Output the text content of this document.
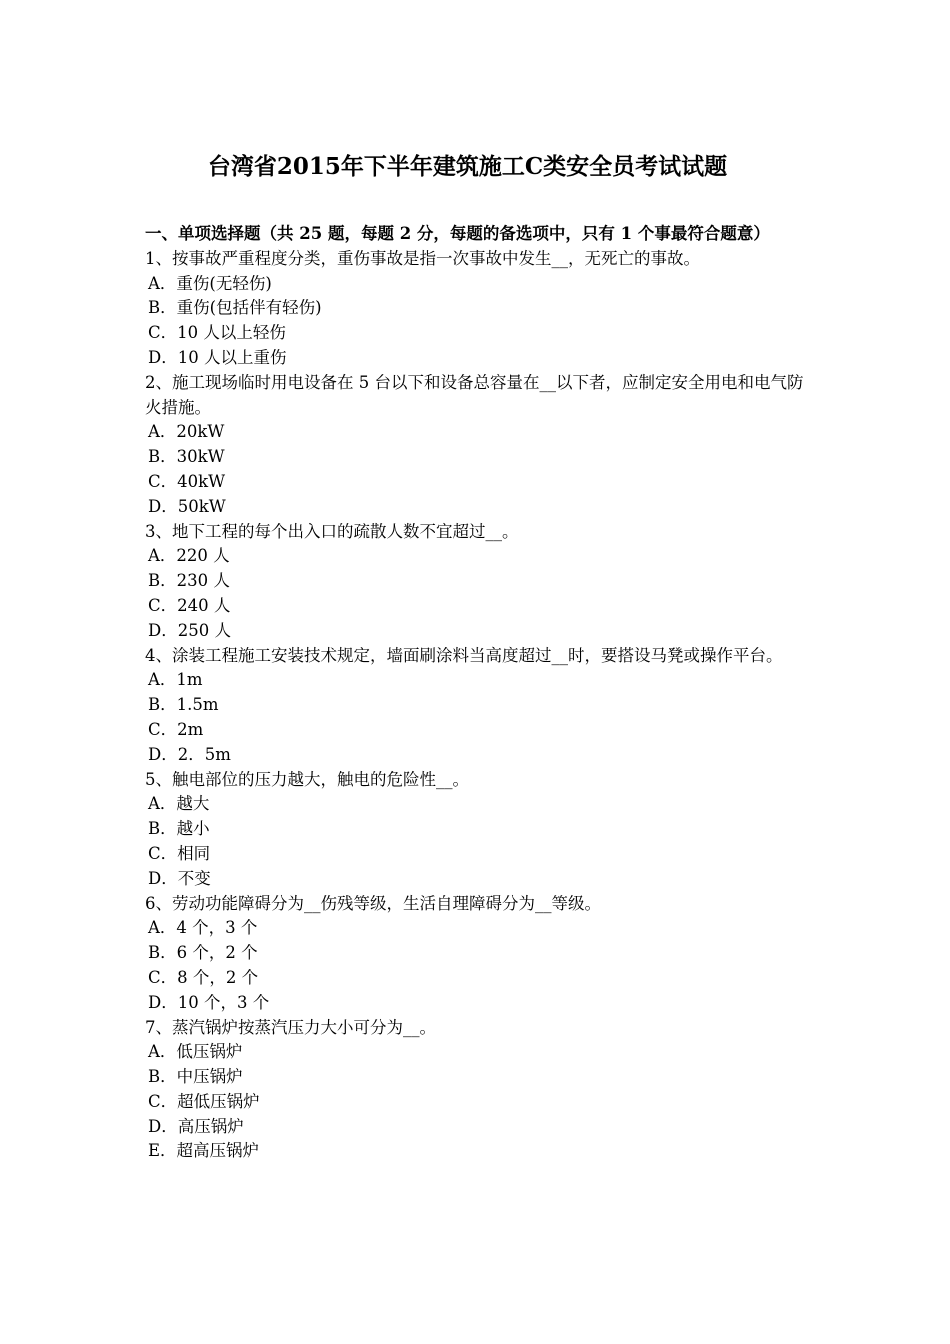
台湾省2015年下半年建筑施工C类安全员考试试题

一、单项选择题（共 25 题，每题 2 分，每题的备选项中，只有 1 个事最符合题意）

1、按事故严重程度分类，重伤事故是指一次事故中发生__，无死亡的事故。

A．重伤(无轻伤)

B．重伤(包括伴有轻伤)

C．10 人以上轻伤

D．10 人以上重伤

2、施工现场临时用电设备在 5 台以下和设备总容量在__以下者，应制定安全用电和电气防火措施。

A．20kW

B．30kW

C．40kW

D．50kW

3、地下工程的每个出入口的疏散人数不宜超过__。

A．220 人

B．230 人

C．240 人

D．250 人

4、涂装工程施工安装技术规定，墙面刷涂料当高度超过__时，要搭设马凳或操作平台。

A．1m

B．1.5m

C．2m

D．2．5m

5、触电部位的压力越大，触电的危险性__。

A．越大

B．越小

C．相同

D．不变

6、劳动功能障碍分为__伤残等级，生活自理障碍分为__等级。

A．4 个，3 个

B．6 个，2 个

C．8 个，2 个

D．10 个，3 个

7、蒸汽锅炉按蒸汽压力大小可分为__。

A．低压锅炉

B．中压锅炉

C．超低压锅炉

D．高压锅炉

E．超高压锅炉
